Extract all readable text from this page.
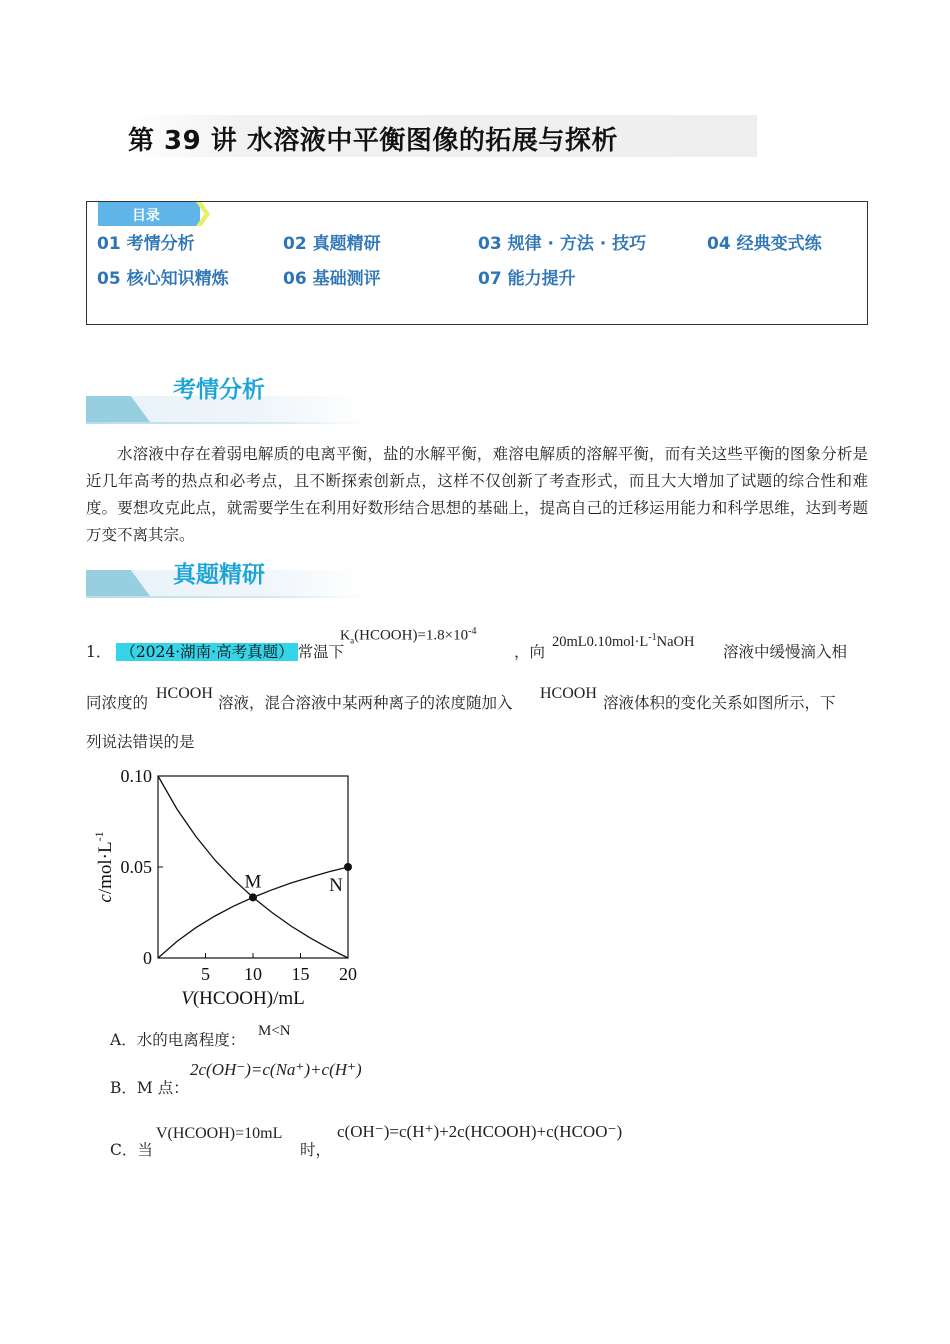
第 39 讲 水溶液中平衡图像的拓展与探析
目录
01 考情分析	02 真题精研	03 规律 · 方法 · 技巧	04 经典变式练
05 核心知识精炼	06 基础测评	07 能力提升
考情分析
水溶液中存在着弱电解质的电离平衡，盐的水解平衡，难溶电解质的溶解平衡，而有关这些平衡的图象分析是近几年高考的热点和必考点，且不断探索创新点，这样不仅创新了考查形式，而且大大增加了试题的综合性和难度。要想攻克此点，就需要学生在利用好数形结合思想的基础上，提高自己的迁移运用能力和科学思维，达到考题万变不离其宗。
真题精研
1． （2024·湖南·高考真题） 常温下
$K_a(HCOOH)=1.8\times 10^{-4}$
，向
$20mL0.10mol\cdot L^{-1}NaOH$
溶液中缓慢滴入相
同浓度的
HCOOH
溶液，混合溶液中某两种离子的浓度随加入
HCOOH
溶液体积的变化关系如图所示，下
列说法错误的是
5 10 15 20
0
0.05
0.10
V(HCOOH)/mL
$c/mol\cdot L^{-1}$
M	N
A．水的电离程度： M<N
B．M 点：
2c(OH⁻)=c(Na⁺)+c(H⁺)
C．当
V(HCOOH)=10mL
时，
c(OH⁻)=c(H⁺)+2c(HCOOH)+c(HCOO⁻)
